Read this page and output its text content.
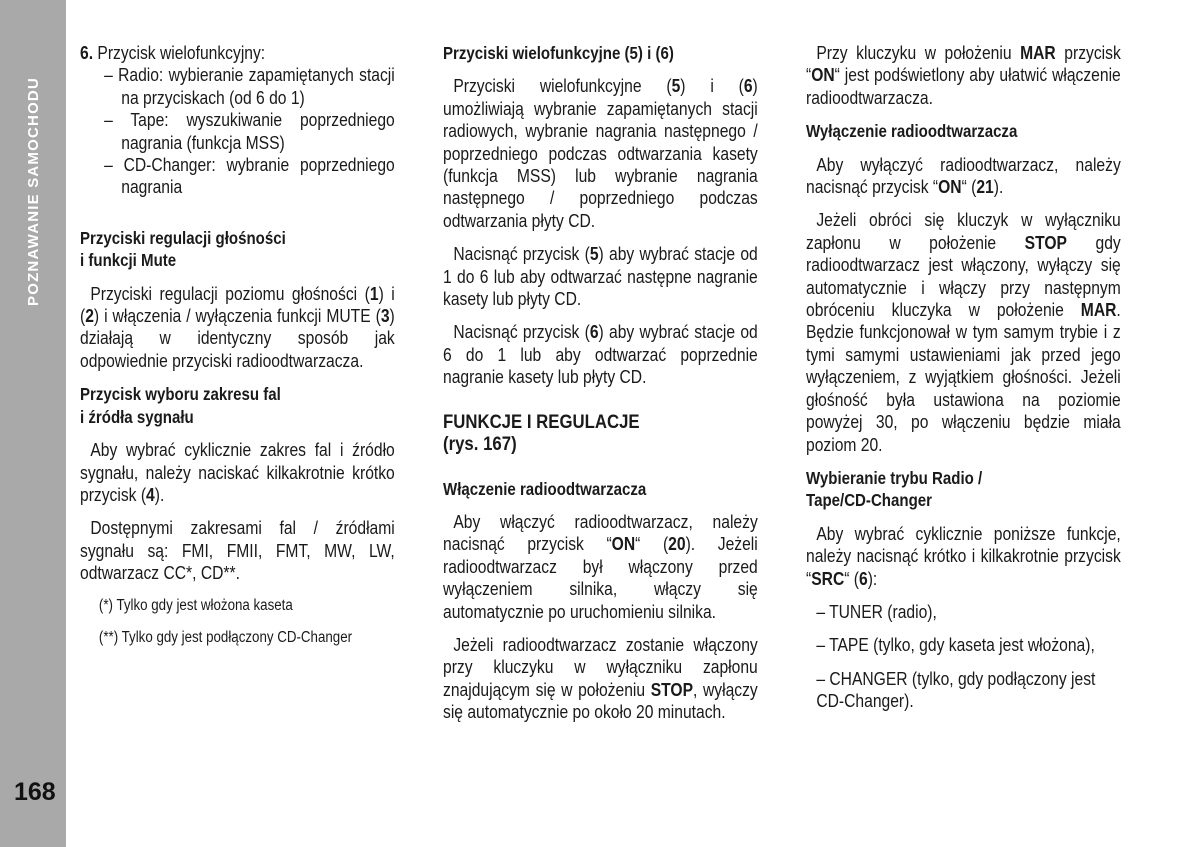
POZNAWANIE SAMOCHODU
168
6. Przycisk wielofunkcyjny:
– Radio: wybieranie zapamiętanych stacji na przyciskach (od 6 do 1)
– Tape: wyszukiwanie poprzedniego nagrania (funkcja MSS)
– CD-Changer: wybranie poprzedniego nagrania
Przyciski regulacji głośności
i funkcji Mute

Przyciski regulacji poziomu głośności (1) i (2) i włączenia / wyłączenia funkcji MUTE (3) działają w identyczny sposób jak odpowiednie przyciski radioodtwarzacza.

Przycisk wyboru zakresu fal
i źródła sygnału

Aby wybrać cyklicznie zakres fal i źródło sygnału, należy naciskać kilkakrotnie krótko przycisk (4).

Dostępnymi zakresami fal / źródłami sygnału są: FMI, FMII, FMT, MW, LW, odtwarzacz CC*, CD**.

(*) Tylko gdy jest włożona kaseta

(**) Tylko gdy jest podłączony CD-Changer

Przyciski wielofunkcyjne (5) i (6)

Przyciski wielofunkcyjne (5) i (6) umożliwiają wybranie zapamiętanych stacji radiowych, wybranie nagrania następnego / poprzedniego podczas odtwarzania kasety (funkcja MSS) lub wybranie nagrania następnego / poprzedniego podczas odtwarzania płyty CD.

Nacisnąć przycisk (5) aby wybrać stacje od 1 do 6 lub aby odtwarzać następne nagranie kasety lub płyty CD.

Nacisnąć przycisk (6) aby wybrać stacje od 6 do 1 lub aby odtwarzać poprzednie nagranie kasety lub płyty CD.

FUNKCJE I REGULACJE
(rys. 167)
Włączenie radioodtwarzacza

Aby włączyć radioodtwarzacz, należy nacisnąć przycisk “ON“ (20). Jeżeli radioodtwarzacz był włączony przed wyłączeniem silnika, włączy się automatycznie po uruchomieniu silnika.

Jeżeli radioodtwarzacz zostanie włączony przy kluczyku w wyłączniku zapłonu znajdującym się w położeniu STOP, wyłączy się automatycznie po około 20 minutach.

Przy kluczyku w położeniu MAR przycisk “ON“ jest podświetlony aby ułatwić włączenie radioodtwarzacza.

Wyłączenie radioodtwarzacza

Aby wyłączyć radioodtwarzacz, należy nacisnąć przycisk “ON“ (21).

Jeżeli obróci się kluczyk w wyłączniku zapłonu w położenie STOP gdy radioodtwarzacz jest włączony, wyłączy się automatycznie i włączy przy następnym obróceniu kluczyka w położenie MAR. Będzie funkcjonował w tym samym trybie i z tymi samymi ustawieniami jak przed jego wyłączeniem, z wyjątkiem głośności. Jeżeli głośność była ustawiona na poziomie powyżej 30, po włączeniu będzie miała poziom 20.

Wybieranie trybu Radio /
Tape/CD-Changer

Aby wybrać cyklicznie poniższe funkcje, należy nacisnąć krótko i kilkakrotnie przycisk “SRC“ (6):

– TUNER (radio),

– TAPE (tylko, gdy kaseta jest włożona),

– CHANGER (tylko, gdy podłączony jest CD-Changer).
